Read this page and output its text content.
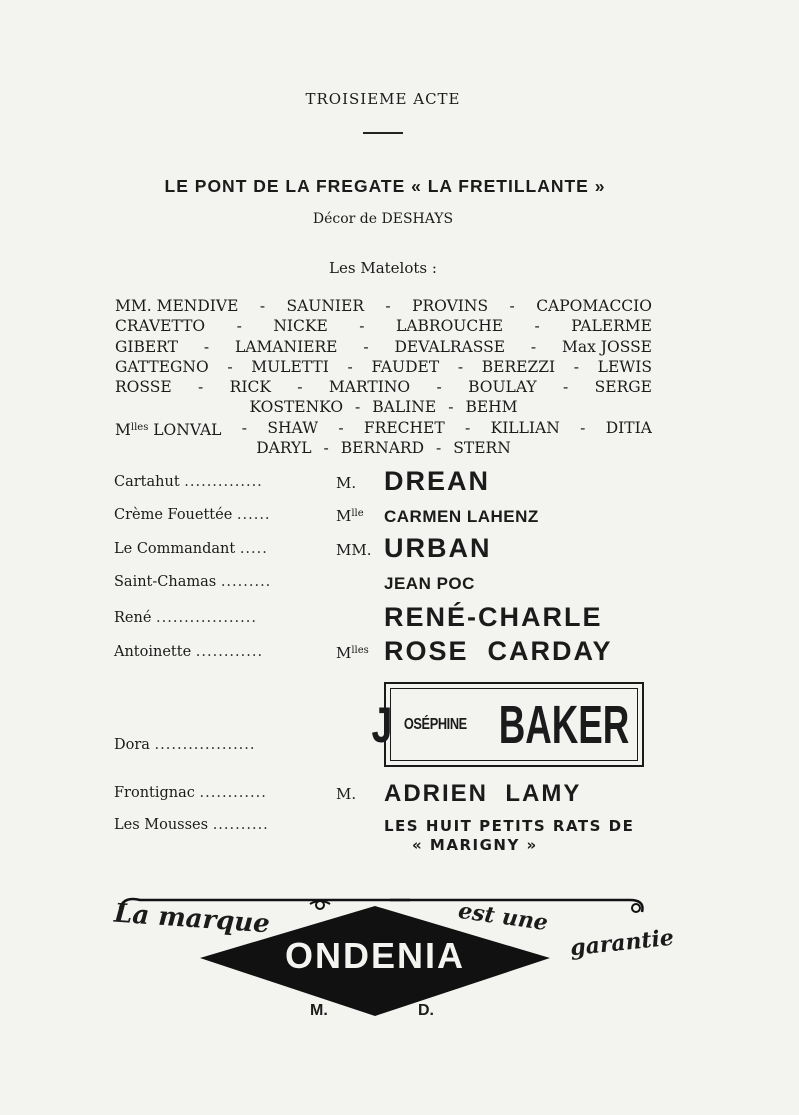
TROISIEME ACTE
LE PONT DE LA FREGATE « LA FRETILLANTE »
Décor de DESHAYS
Les Matelots :
MM. MENDIVE - SAUNIER - PROVINS - CAPOMACCIO
CRAVETTO - NICKE - LABROUCHE - PALERME
GIBERT - LAMANIERE - DEVALRASSE - Max JOSSE
GATTEGNO - MULETTI - FAUDET - BEREZZI - LEWIS
ROSSE - RICK - MARTINO - BOULAY - SERGE
KOSTENKO - BALINE - BEHM
$M^{lles}$ LONVAL - SHAW - FRECHET - KILLIAN - DITIA
DARYL - BERNARD - STERN
Cartahut ..............	M. DREAN
Crème Fouettée ......	$M^{lle}$ CARMEN LAHENZ
Le Commandant .....	MM. URBAN
Saint-Chamas .........	JEAN POC
René ..................	RENÉ-CHARLE
Antoinette ............	$M^{lles}$ ROSE  CARDAY
Dora .................. J OSÉPHINE BAKER
Frontignac ............	M. ADRIEN  LAMY
Les Mousses ..........	LES HUIT PETITS RATS DE
« MARIGNY »
La marque	est une
garantie
ONDENIA
M.	D.
